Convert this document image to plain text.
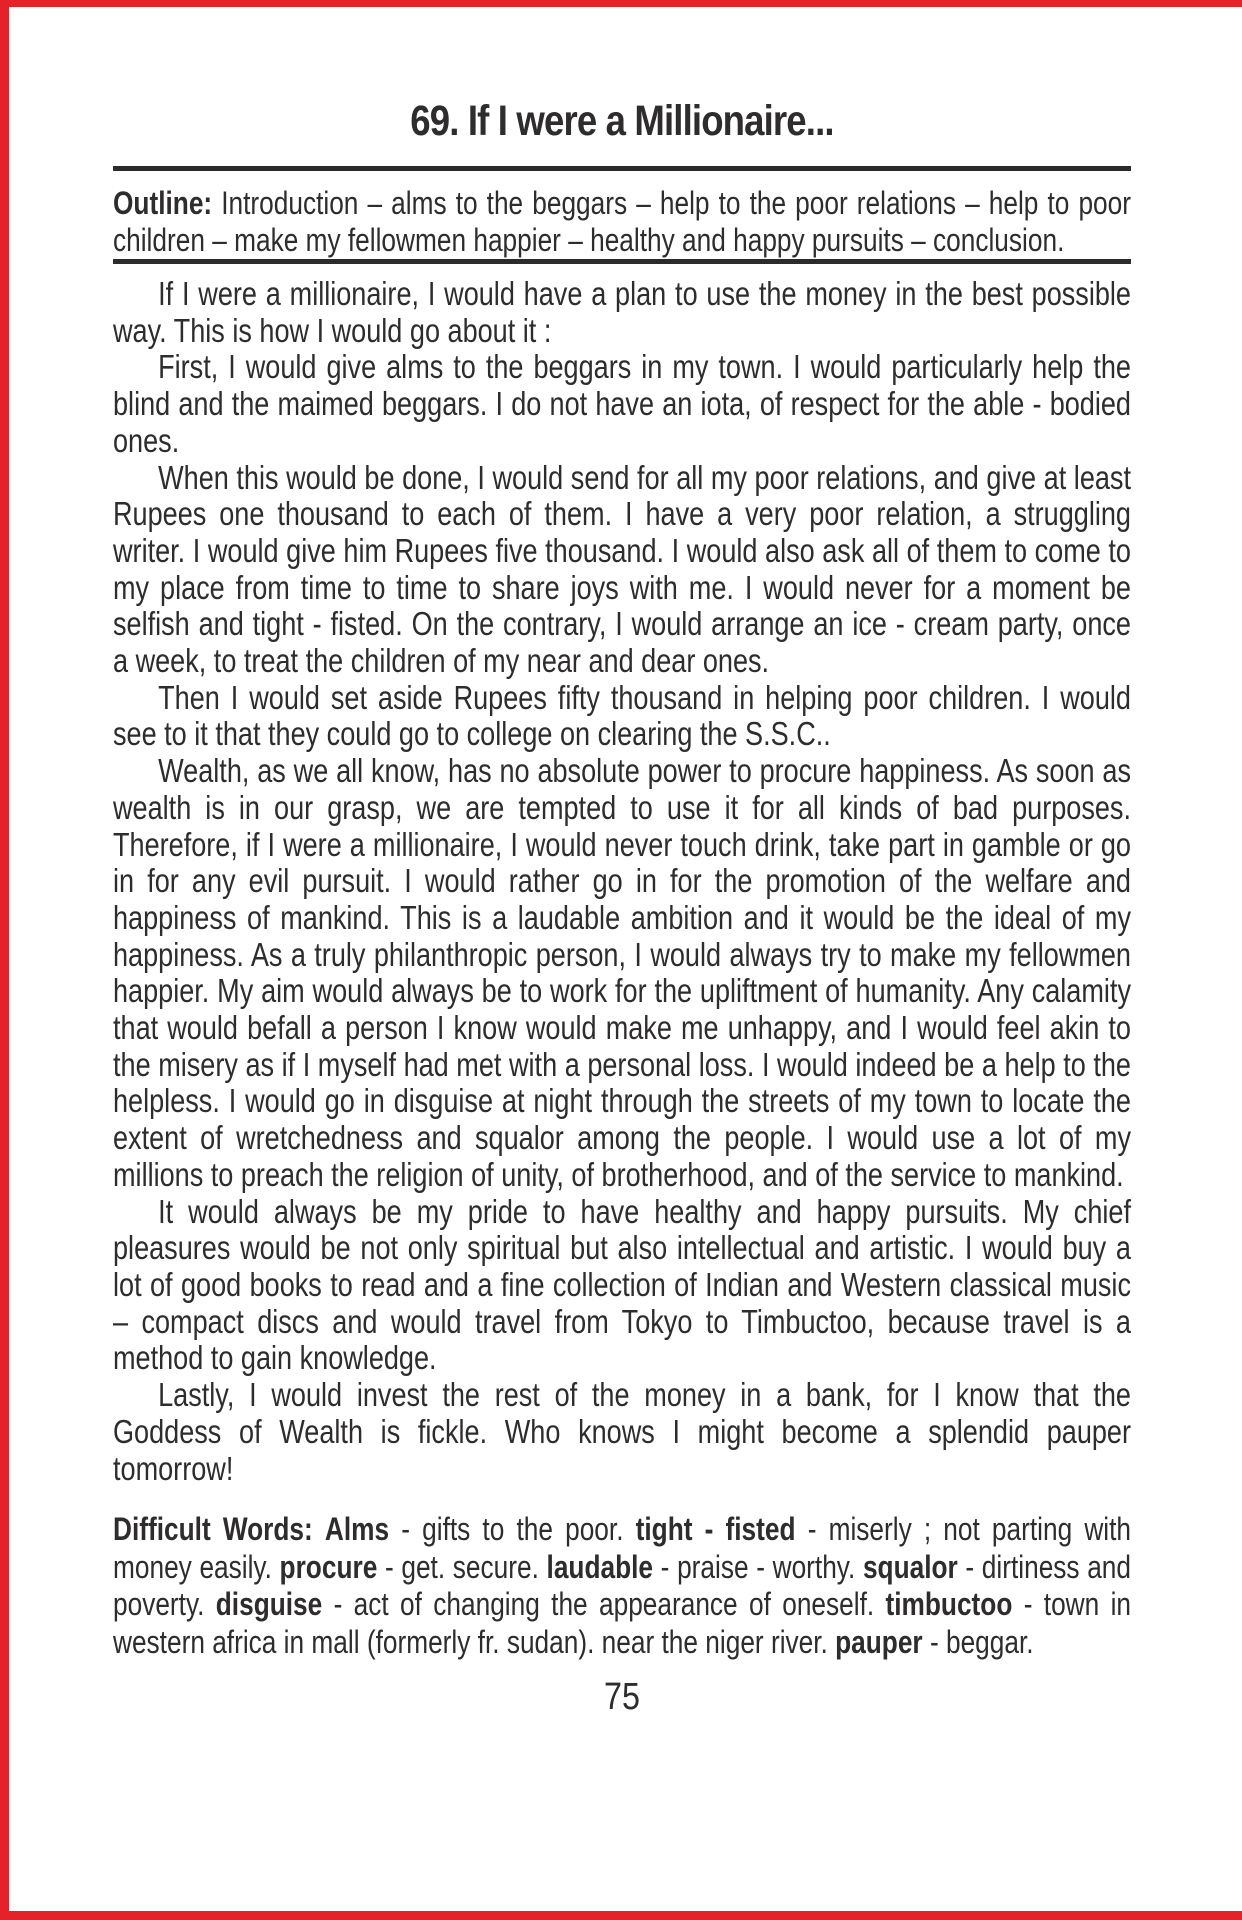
69. If I were a Millionaire...

Outline: Introduction – alms to the beggars – help to the poor relations – help to poor children – make my fellowmen happier – healthy and happy pursuits – conclusion.

If I were a millionaire, I would have a plan to use the money in the best possible way. This is how I would go about it :

First, I would give alms to the beggars in my town. I would particularly help the blind and the maimed beggars. I do not have an iota, of respect for the able - bodied ones.

When this would be done, I would send for all my poor relations, and give at least Rupees one thousand to each of them. I have a very poor relation, a struggling writer. I would give him Rupees five thousand. I would also ask all of them to come to my place from time to time to share joys with me. I would never for a moment be selfish and tight - fisted. On the contrary, I would arrange an ice - cream party, once a week, to treat the children of my near and dear ones.

Then I would set aside Rupees fifty thousand in helping poor children. I would see to it that they could go to college on clearing the S.S.C..

Wealth, as we all know, has no absolute power to procure happiness. As soon as wealth is in our grasp, we are tempted to use it for all kinds of bad purposes. Therefore, if I were a millionaire, I would never touch drink, take part in gamble or go in for any evil pursuit. I would rather go in for the promotion of the welfare and happiness of mankind. This is a laudable ambition and it would be the ideal of my happiness. As a truly philanthropic person, I would always try to make my fellowmen happier. My aim would always be to work for the upliftment of humanity. Any calamity that would befall a person I know would make me unhappy, and I would feel akin to the misery as if I myself had met with a personal loss. I would indeed be a help to the helpless. I would go in disguise at night through the streets of my town to locate the extent of wretchedness and squalor among the people. I would use a lot of my millions to preach the religion of unity, of brotherhood, and of the service to mankind.

It would always be my pride to have healthy and happy pursuits. My chief pleasures would be not only spiritual but also intellectual and artistic. I would buy a lot of good books to read and a fine collection of Indian and Western classical music – compact discs and would travel from Tokyo to Timbuctoo, because travel is a method to gain knowledge.

Lastly, I would invest the rest of the money in a bank, for I know that the Goddess of Wealth is fickle. Who knows I might become a splendid pauper tomorrow!

Difficult Words: Alms - gifts to the poor. tight - fisted - miserly ; not parting with money easily. procure - get. secure. laudable - praise - worthy. squalor - dirtiness and poverty. disguise - act of changing the appearance of oneself. timbuctoo - town in western africa in mall (formerly fr. sudan). near the niger river. pauper - beggar.

75
